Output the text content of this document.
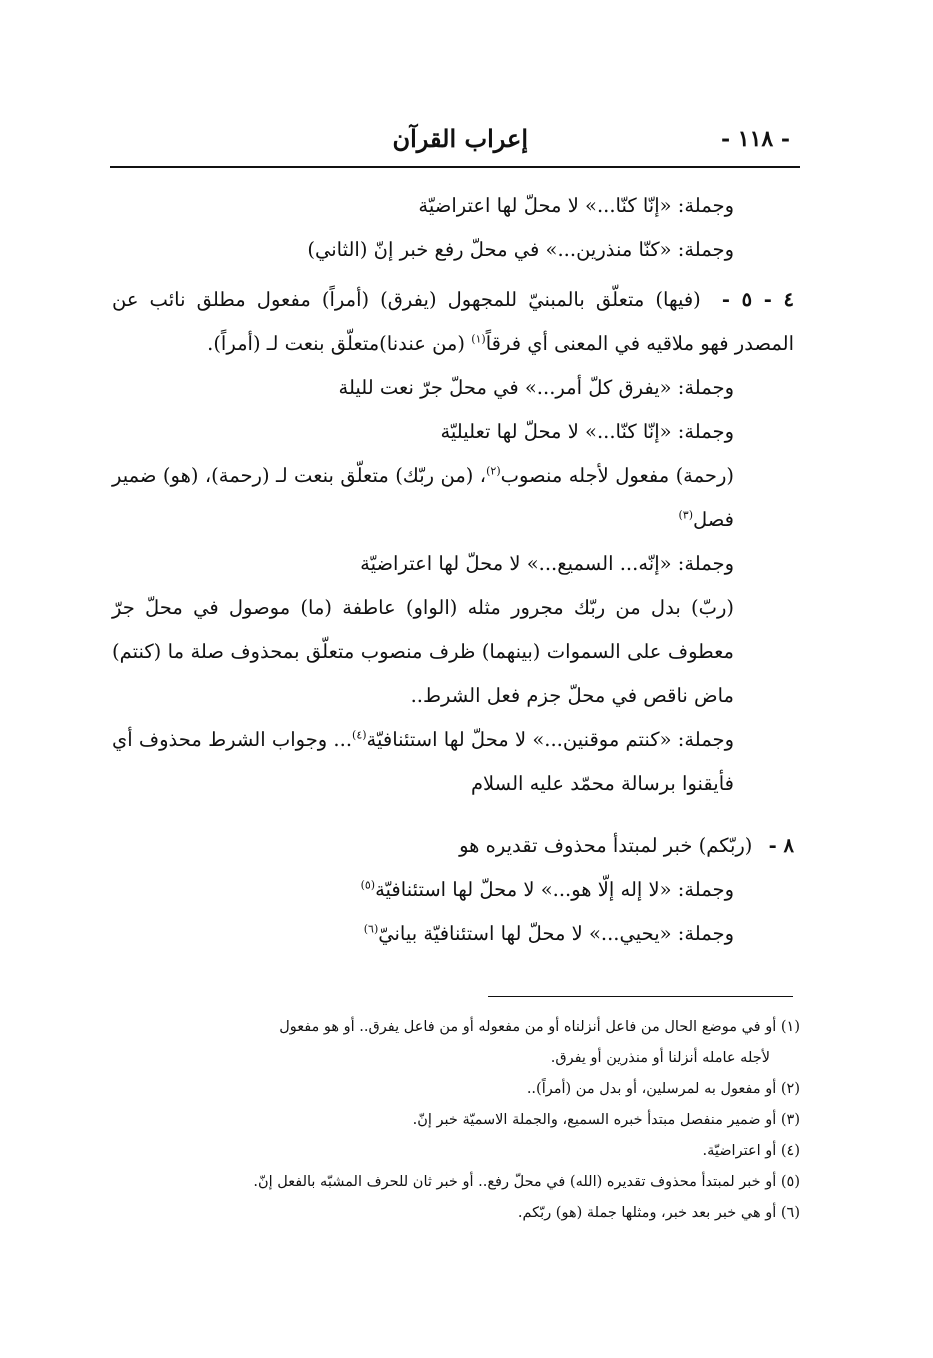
- ١١٨ -
إعراب القرآن

وجملة: «إنّا كنّا...» لا محلّ لها اعتراضيّة

وجملة: «كنّا منذرين...» في محلّ رفع خبر إنّ (الثاني)

٤ - ٥ - (فيها) متعلّق بالمبنيّ للمجهول (يفرق) (أمراً) مفعول مطلق نائب عن المصدر فهو ملاقيه في المعنى أي فرقاً$^{(١)}$ (من عندنا)متعلّق بنعت لـ (أمراً).

وجملة: «يفرق كلّ أمر...» في محلّ جرّ نعت لليلة

وجملة: «إنّا كنّا...» لا محلّ لها تعليليّة

(رحمة) مفعول لأجله منصوب$^{(٢)}$، (من ربّك) متعلّق بنعت لـ (رحمة)، (هو) ضمير فصل$^{(٣)}$

وجملة: «إنّه... السميع...» لا محلّ لها اعتراضيّة

(ربّ) بدل من ربّك مجرور مثله (الواو) عاطفة (ما) موصول في محلّ جرّ معطوف على السموات (بينهما) ظرف منصوب متعلّق بمحذوف صلة ما (كنتم) ماض ناقص في محلّ جزم فعل الشرط..

وجملة: «كنتم موقنين...» لا محلّ لها استئنافيّة$^{(٤)}$... وجواب الشرط محذوف أي فأيقنوا برسالة محمّد عليه السلام

٨ - (ربّكم) خبر لمبتدأ محذوف تقديره هو

وجملة: «لا إله إلّا هو...» لا محلّ لها استئنافيّة$^{(٥)}$

وجملة: «يحيي...» لا محلّ لها استئنافيّة بيانيّ$^{(٦)}$

(١) أو في موضع الحال من فاعل أنزلناه أو من مفعوله أو من فاعل يفرق.. أو هو مفعول

لأجله عامله أنزلنا أو منذرين أو يفرق.

(٢) أو مفعول به لمرسلين، أو بدل من (أمراً)..

(٣) أو ضمير منفصل مبتدأ خبره السميع، والجملة الاسميّة خبر إنّ.

(٤) أو اعتراضيّة.

(٥) أو خبر لمبتدأ محذوف تقديره (الله) في محلّ رفع.. أو خبر ثان للحرف المشبّه بالفعل إنّ.

(٦) أو هي خبر بعد خبر، ومثلها جملة (هو) ربّكم.
